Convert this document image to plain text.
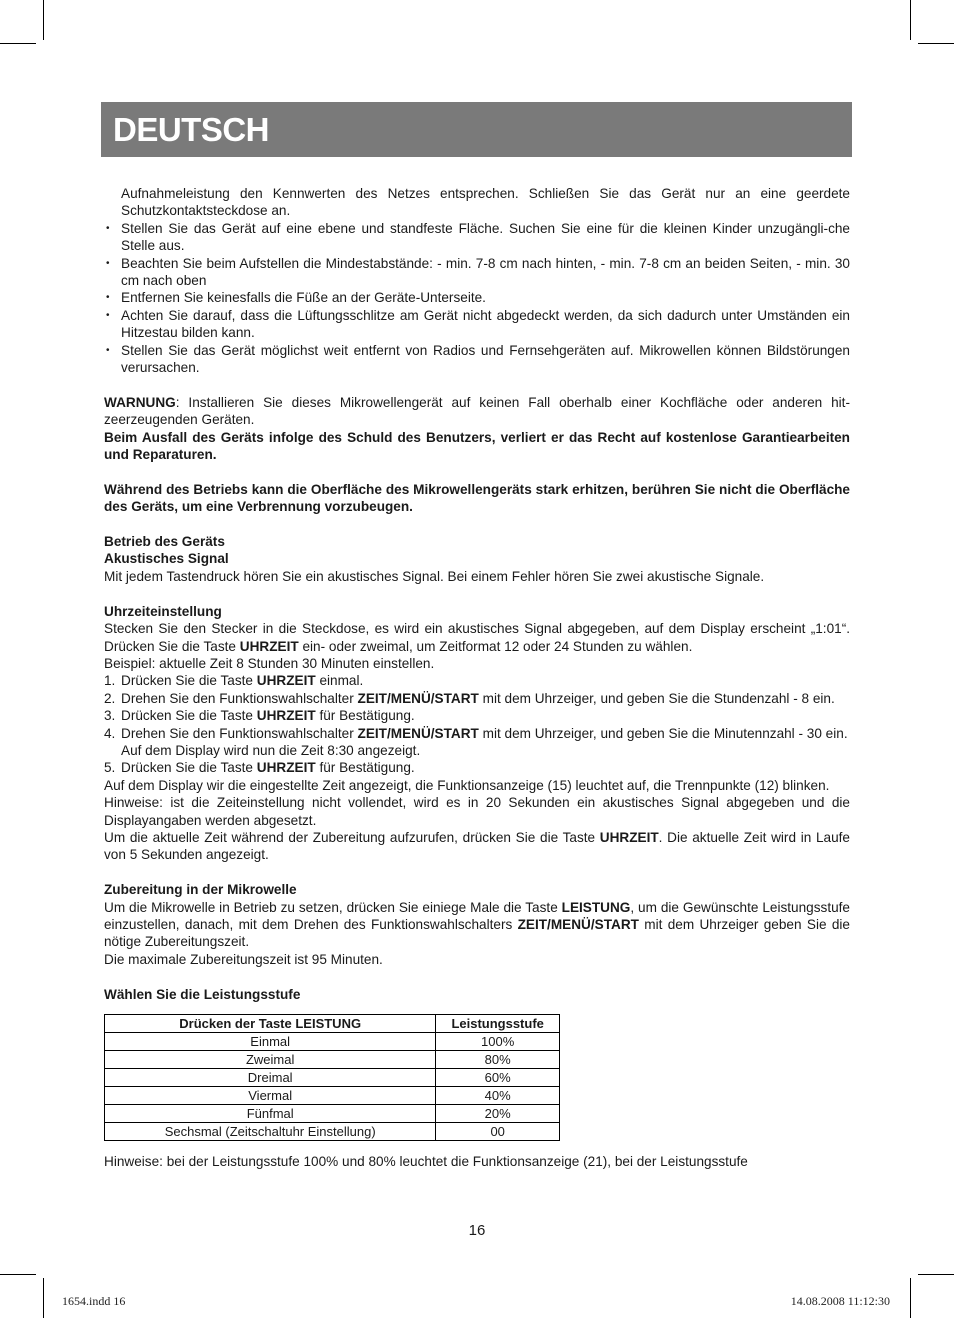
DEUTSCH

Aufnahmeleistung den Kennwerten des Netzes entsprechen. Schließen Sie das Gerät nur an eine geerdete Schutzkontaktsteckdose an.

• Stellen Sie das Gerät auf eine ebene und standfeste Fläche. Suchen Sie eine für die kleinen Kinder unzugängli-che Stelle aus.
• Beachten Sie beim Aufstellen die Mindestabstände: - min. 7-8 cm nach hinten, - min. 7-8 cm an beiden Seiten, - min. 30 cm nach oben
• Entfernen Sie keinesfalls die Füße an der Geräte-Unterseite.
• Achten Sie darauf, dass die Lüftungsschlitze am Gerät nicht abgedeckt werden, da sich dadurch unter Umständen ein Hitzestau bilden kann.
• Stellen Sie das Gerät möglichst weit entfernt von Radios und Fernsehgeräten auf. Mikrowellen können Bildstörungen verursachen.

WARNUNG: Installieren Sie dieses Mikrowellengerät auf keinen Fall oberhalb einer Kochfläche oder anderen hit-zeerzeugenden Geräten.

Beim Ausfall des Geräts infolge des Schuld des Benutzers, verliert er das Recht auf kostenlose Garantiearbeiten und Reparaturen.

Während des Betriebs kann die Oberfläche des Mikrowellengeräts stark erhitzen, berühren Sie nicht die Oberfläche des Geräts, um eine Verbrennung vorzubeugen.

Betrieb des Geräts

Akustisches Signal

Mit jedem Tastendruck hören Sie ein akustisches Signal. Bei einem Fehler hören Sie zwei akustische Signale.

Uhrzeiteinstellung

Stecken Sie den Stecker in die Steckdose, es wird ein akustisches Signal abgegeben, auf dem Display erscheint „1:01“. Drücken Sie die Taste UHRZEIT ein- oder zweimal, um Zeitformat 12 oder 24 Stunden zu wählen.

Beispiel: aktuelle Zeit 8 Stunden 30 Minuten einstellen.

1. Drücken Sie die Taste UHRZEIT einmal.
2. Drehen Sie den Funktionswahlschalter ZEIT/MENÜ/START mit dem Uhrzeiger, und geben Sie die Stundenzahl - 8 ein.
3. Drücken Sie die Taste UHRZEIT für Bestätigung.
4. Drehen Sie den Funktionswahlschalter ZEIT/MENÜ/START mit dem Uhrzeiger, und geben Sie die Minutennzahl - 30 ein. Auf dem Display wird nun die Zeit 8:30 angezeigt.
5. Drücken Sie die Taste UHRZEIT für Bestätigung.

Auf dem Display wir die eingestellte Zeit angezeigt, die Funktionsanzeige (15) leuchtet auf, die Trennpunkte (12) blinken.

Hinweise: ist die Zeiteinstellung nicht vollendet, wird es in 20 Sekunden ein akustisches Signal abgegeben und die Displayangaben werden abgesetzt.

Um die aktuelle Zeit während der Zubereitung aufzurufen, drücken Sie die Taste UHRZEIT. Die aktuelle Zeit wird in Laufe von 5 Sekunden angezeigt.

Zubereitung in der Mikrowelle

Um die Mikrowelle in Betrieb zu setzen, drücken Sie einiege Male die Taste LEISTUNG, um die Gewünschte Leistungsstufe einzustellen, danach, mit dem Drehen des Funktionswahlschalters ZEIT/MENÜ/START mit dem Uhrzeiger geben Sie die nötige Zubereitungszeit.

Die maximale Zubereitungszeit ist 95 Minuten.

Wählen Sie die Leistungsstufe

Drücken der Taste LEISTUNG	Leistungsstufe
Einmal	100%
Zweimal	80%
Dreimal	60%
Viermal	40%
Fünfmal	20%
Sechsmal (Zeitschaltuhr Einstellung)	00

Hinweise: bei der Leistungsstufe 100% und 80% leuchtet die Funktionsanzeige (21), bei der Leistungsstufe

16
1654.indd 16	14.08.2008 11:12:30
